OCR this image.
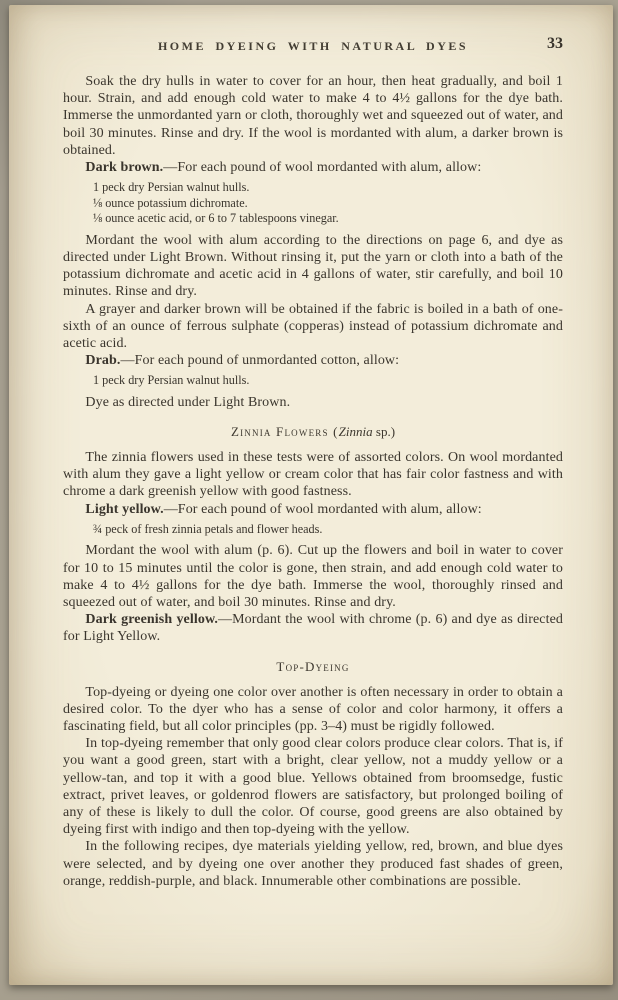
HOME DYEING WITH NATURAL DYES	33

Soak the dry hulls in water to cover for an hour, then heat gradually, and boil 1 hour. Strain, and add enough cold water to make 4 to 4½ gallons for the dye bath. Immerse the unmordanted yarn or cloth, thoroughly wet and squeezed out of water, and boil 30 minutes. Rinse and dry. If the wool is mordanted with alum, a darker brown is obtained.

Dark brown.—For each pound of wool mordanted with alum, allow:

1 peck dry Persian walnut hulls.
⅛ ounce potassium dichromate.
⅛ ounce acetic acid, or 6 to 7 tablespoons vinegar.

Mordant the wool with alum according to the directions on page 6, and dye as directed under Light Brown. Without rinsing it, put the yarn or cloth into a bath of the potassium dichromate and acetic acid in 4 gallons of water, stir carefully, and boil 10 minutes. Rinse and dry.

A grayer and darker brown will be obtained if the fabric is boiled in a bath of one-sixth of an ounce of ferrous sulphate (copperas) instead of potassium dichromate and acetic acid.

Drab.—For each pound of unmordanted cotton, allow:

1 peck dry Persian walnut hulls.

Dye as directed under Light Brown.

Zinnia Flowers (Zinnia sp.)

The zinnia flowers used in these tests were of assorted colors. On wool mordanted with alum they gave a light yellow or cream color that has fair color fastness and with chrome a dark greenish yellow with good fastness.

Light yellow.—For each pound of wool mordanted with alum, allow:

¾ peck of fresh zinnia petals and flower heads.

Mordant the wool with alum (p. 6). Cut up the flowers and boil in water to cover for 10 to 15 minutes until the color is gone, then strain, and add enough cold water to make 4 to 4½ gallons for the dye bath. Immerse the wool, thoroughly rinsed and squeezed out of water, and boil 30 minutes. Rinse and dry.

Dark greenish yellow.—Mordant the wool with chrome (p. 6) and dye as directed for Light Yellow.

Top-Dyeing

Top-dyeing or dyeing one color over another is often necessary in order to obtain a desired color. To the dyer who has a sense of color and color harmony, it offers a fascinating field, but all color principles (pp. 3–4) must be rigidly followed.

In top-dyeing remember that only good clear colors produce clear colors. That is, if you want a good green, start with a bright, clear yellow, not a muddy yellow or a yellow-tan, and top it with a good blue. Yellows obtained from broomsedge, fustic extract, privet leaves, or goldenrod flowers are satisfactory, but prolonged boiling of any of these is likely to dull the color. Of course, good greens are also obtained by dyeing first with indigo and then top-dyeing with the yellow.

In the following recipes, dye materials yielding yellow, red, brown, and blue dyes were selected, and by dyeing one over another they produced fast shades of green, orange, reddish-purple, and black. Innumerable other combinations are possible.
